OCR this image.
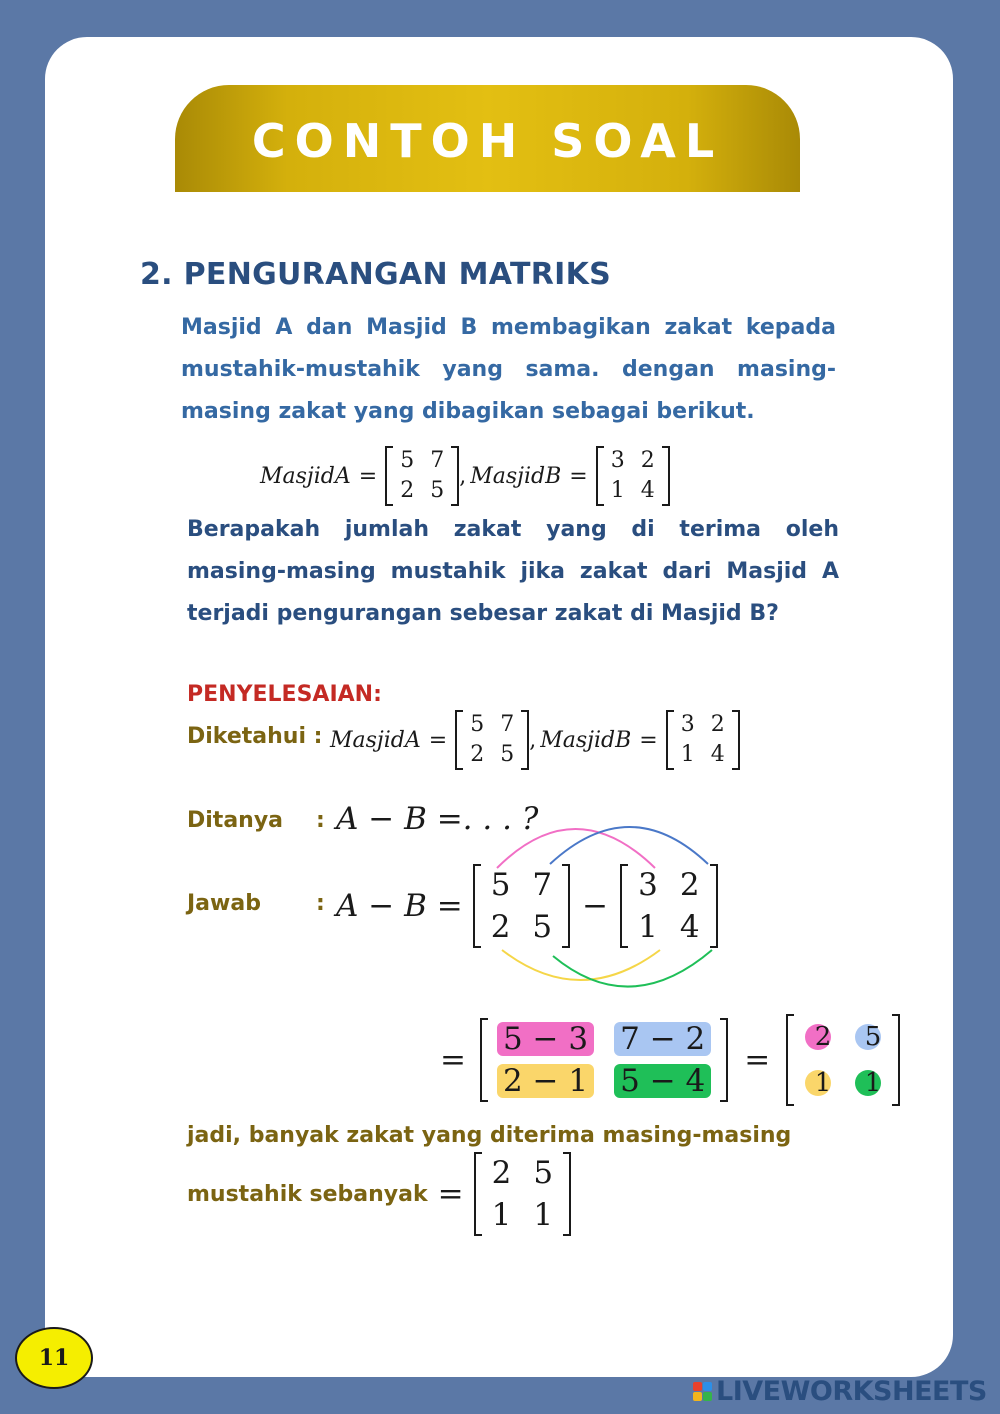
CONTOH SOAL
2. PENGURANGAN MATRIKS
Masjid A dan Masjid B membagikan zakat kepada mustahik-mustahik yang sama. dengan masing-masing zakat yang dibagikan sebagai berikut.
MasjidA =
5 7
2 5
, MasjidB =
3 2
1 4
Berapakah jumlah zakat yang di terima oleh masing-masing mustahik jika zakat dari Masjid A terjadi pengurangan sebesar zakat di Masjid B?
PENYELESAIAN:
Diketahui : MasjidA =
5 7
2 5
, MasjidB =
3 2
1 4
Ditanya : A − B =. . . ?
Jawab	: A − B =
5 7
2 5
−
3 2
1 4
=
5 − 3 7 − 2
2 − 1 5 − 4
=
2	5
1	1
jadi, banyak zakat yang diterima masing-masing
mustahik sebanyak =
2 5
1 1
11
LIVEWORKSHEETS
